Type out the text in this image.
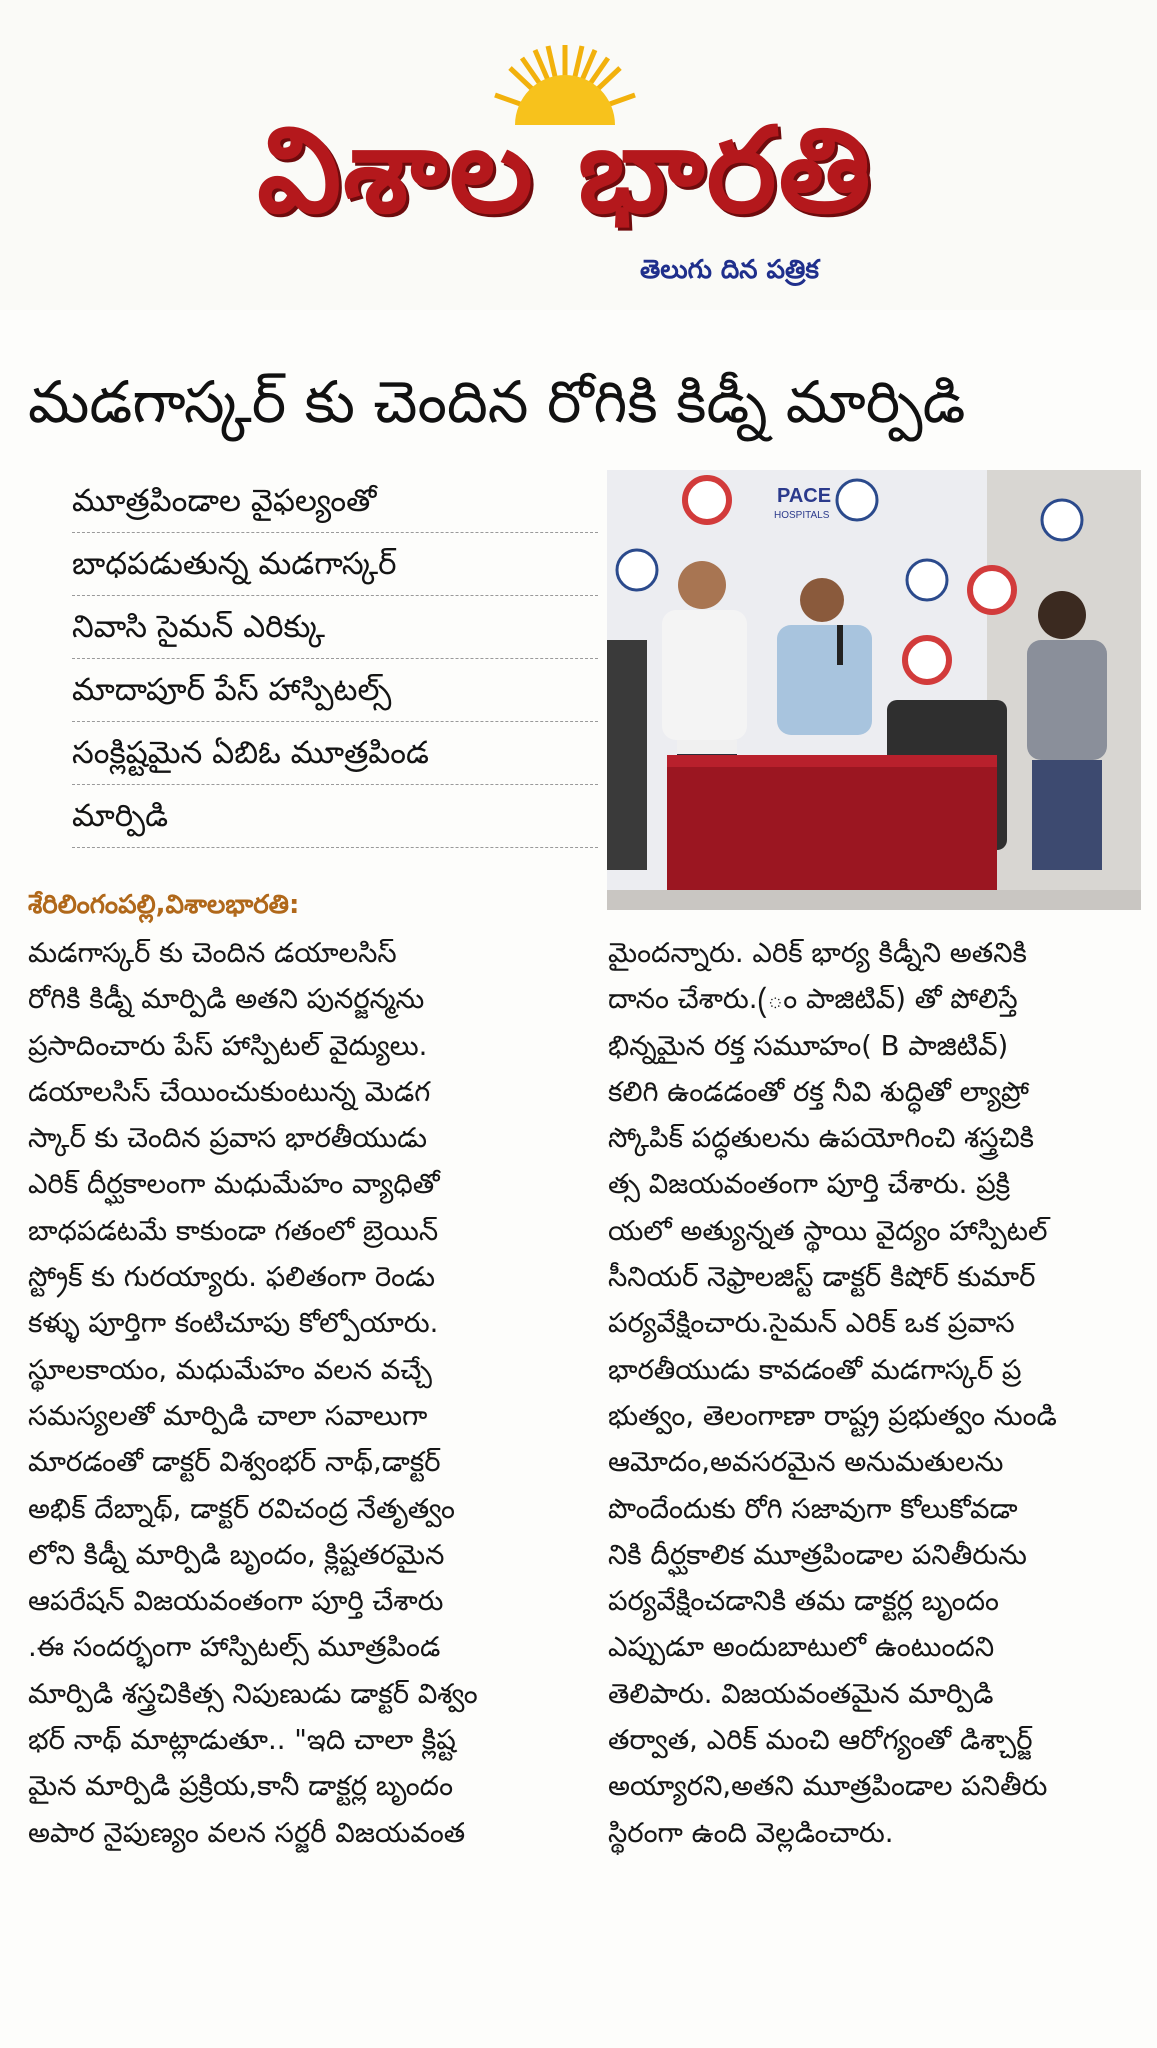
విశాల భారతి
తెలుగు దిన పత్రిక
మడగాస్కర్ కు చెందిన రోగికి కిడ్నీ మార్పిడి
మూత్రపిండాల వైఫల్యంతో
బాధపడుతున్న మడగాస్కర్
నివాసి సైమన్ ఎరిక్కు
మాదాపూర్ పేస్ హాస్పిటల్స్
సంక్లిష్టమైన ఏబిఓ మూత్రపిండ
మార్పిడి
PACE
HOSPITALS
శేరిలింగంపల్లి,విశాలభారతి:
మడగాస్కర్ కు చెందిన డయాలసిస్
రోగికి కిడ్నీ మార్పిడి అతని పునర్జన్మను
ప్రసాదించారు పేస్ హాస్పిటల్ వైద్యులు.
డయాలసిస్ చేయించుకుంటున్న మెడగ
స్కార్ కు చెందిన ప్రవాస భారతీయుడు
ఎరిక్ దీర్ఘకాలంగా మధుమేహం వ్యాధితో
బాధపడటమే కాకుండా గతంలో బ్రెయిన్
స్ట్రోక్ కు గురయ్యారు. ఫలితంగా రెండు
కళ్ళు పూర్తిగా కంటిచూపు కోల్పోయారు.
స్థూలకాయం, మధుమేహం వలన వచ్చే
సమస్యలతో మార్పిడి చాలా సవాలుగా
మారడంతో డాక్టర్ విశ్వంభర్ నాథ్,డాక్టర్
అభిక్ దేబ్నాథ్, డాక్టర్ రవిచంద్ర నేతృత్వం
లోని కిడ్నీ మార్పిడి బృందం, క్లిష్టతరమైన
ఆపరేషన్ విజయవంతంగా పూర్తి చేశారు
.ఈ సందర్భంగా హాస్పిటల్స్ మూత్రపిండ
మార్పిడి శస్త్రచికిత్స నిపుణుడు డాక్టర్ విశ్వం
భర్ నాథ్ మాట్లాడుతూ.. "ఇది చాలా క్లిష్ట
మైన మార్పిడి ప్రక్రియ,కానీ డాక్టర్ల బృందం
అపార నైపుణ్యం వలన సర్జరీ విజయవంత
మైందన్నారు. ఎరిక్ భార్య కిడ్నీని అతనికి
దానం చేశారు.(ం పాజిటివ్) తో పోలిస్తే
భిన్నమైన రక్త సమూహం( B పాజిటివ్)
కలిగి ఉండడంతో రక్త నీవి శుద్ధితో ల్యాప్రో
స్కోపిక్ పద్ధతులను ఉపయోగించి శస్త్రచికి
త్స విజయవంతంగా పూర్తి చేశారు. ప్రక్రి
యలో అత్యున్నత స్థాయి వైద్యం హాస్పిటల్
సీనియర్ నెఫ్రాలజిస్ట్ డాక్టర్ కిషోర్ కుమార్
పర్యవేక్షించారు.సైమన్ ఎరిక్ ఒక ప్రవాస
భారతీయుడు కావడంతో మడగాస్కర్ ప్ర
భుత్వం, తెలంగాణా రాష్ట్ర ప్రభుత్వం నుండి
ఆమోదం,అవసరమైన అనుమతులను
పొందేందుకు రోగి సజావుగా కోలుకోవడా
నికి దీర్ఘకాలిక మూత్రపిండాల పనితీరును
పర్యవేక్షించడానికి తమ డాక్టర్ల బృందం
ఎప్పుడూ అందుబాటులో ఉంటుందని
తెలిపారు. విజయవంతమైన మార్పిడి
తర్వాత, ఎరిక్ మంచి ఆరోగ్యంతో డిశ్చార్జ్
అయ్యారని,అతని మూత్రపిండాల పనితీరు
స్థిరంగా ఉంది వెల్లడించారు.
